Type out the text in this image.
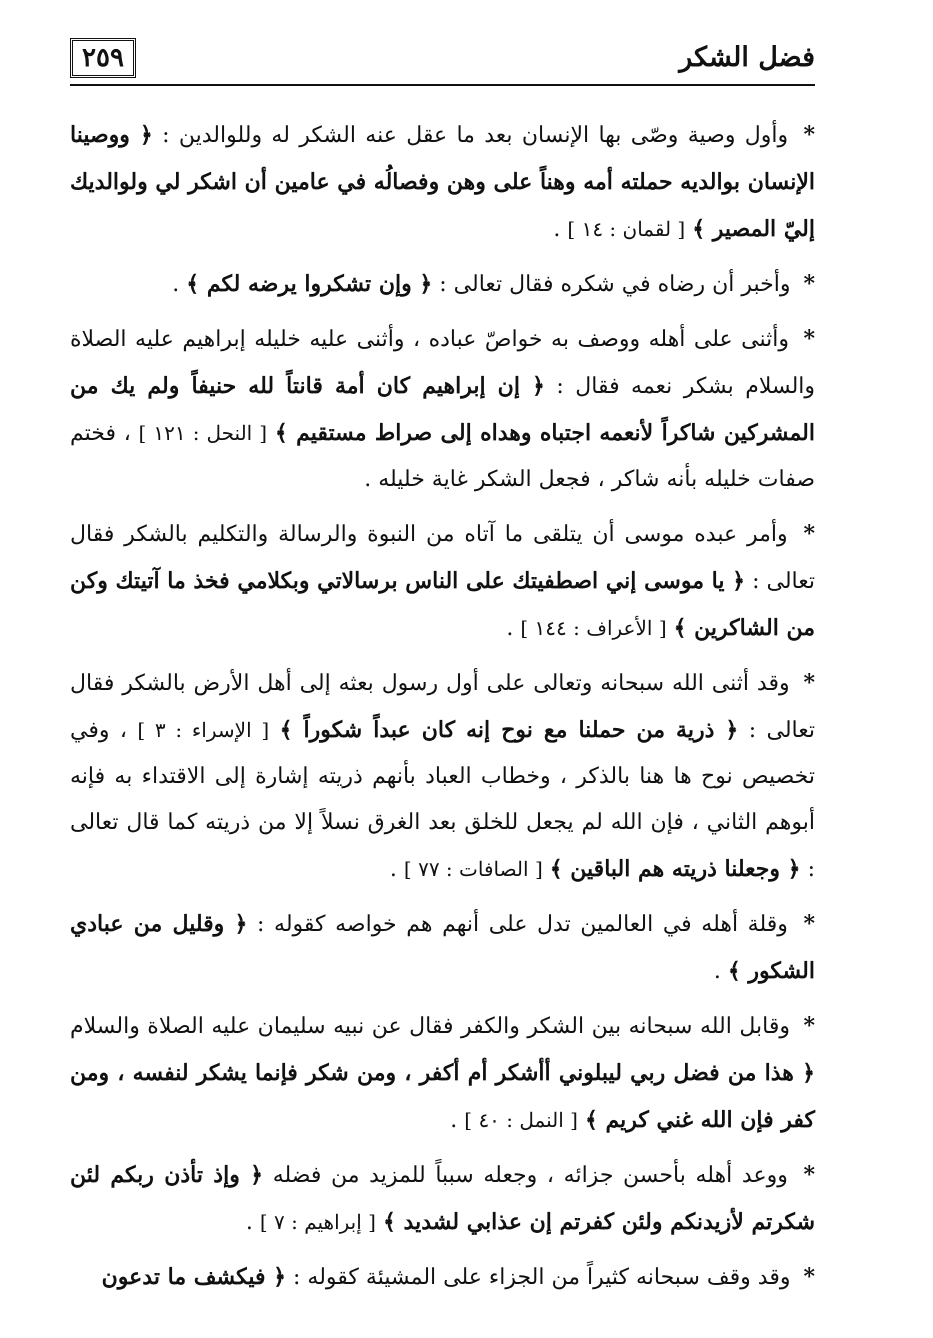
٢٥٩	فضل الشكر

* وأول وصية وصّى بها الإنسان بعد ما عقل عنه الشكر له وللوالدين : ﴿ ووصينا الإنسان بوالديه حملته أمه وهناً على وهن وفصالُه في عامين أن اشكر لي ولوالديك إليّ المصير ﴾ [ لقمان : ١٤ ] .

* وأخبر أن رضاه في شكره فقال تعالى : ﴿ وإن تشكروا يرضه لكم ﴾ .

* وأثنى على أهله ووصف به خواصّ عباده ، وأثنى عليه خليله إبراهيم عليه الصلاة والسلام بشكر نعمه فقال : ﴿ إن إبراهيم كان أمة قانتاً لله حنيفاً ولم يك من المشركين شاكراً لأنعمه اجتباه وهداه إلى صراط مستقيم ﴾ [ النحل : ١٢١ ] ، فختم صفات خليله بأنه شاكر ، فجعل الشكر غاية خليله .

* وأمر عبده موسى أن يتلقى ما آتاه من النبوة والرسالة والتكليم بالشكر فقال تعالى : ﴿ يا موسى إني اصطفيتك على الناس برسالاتي وبكلامي فخذ ما آتيتك وكن من الشاكرين ﴾ [ الأعراف : ١٤٤ ] .

* وقد أثنى الله سبحانه وتعالى على أول رسول بعثه إلى أهل الأرض بالشكر فقال تعالى : ﴿ ذرية من حملنا مع نوح إنه كان عبداً شكوراً ﴾ [ الإسراء : ٣ ] ، وفي تخصيص نوح ها هنا بالذكر ، وخطاب العباد بأنهم ذريته إشارة إلى الاقتداء به فإنه أبوهم الثاني ، فإن الله لم يجعل للخلق بعد الغرق نسلاً إلا من ذريته كما قال تعالى : ﴿ وجعلنا ذريته هم الباقين ﴾ [ الصافات : ٧٧ ] .

* وقلة أهله في العالمين تدل على أنهم هم خواصه كقوله : ﴿ وقليل من عبادي الشكور ﴾ .

* وقابل الله سبحانه بين الشكر والكفر فقال عن نبيه سليمان عليه الصلاة والسلام ﴿ هذا من فضل ربي ليبلوني أأشكر أم أكفر ، ومن شكر فإنما يشكر لنفسه ، ومن كفر فإن الله غني كريم ﴾ [ النمل : ٤٠ ] .

* ووعد أهله بأحسن جزائه ، وجعله سبباً للمزيد من فضله ﴿ وإذ تأذن ربكم لئن شكرتم لأزيدنكم ولئن كفرتم إن عذابي لشديد ﴾ [ إبراهيم : ٧ ] .

* وقد وقف سبحانه كثيراً من الجزاء على المشيئة كقوله : ﴿ فيكشف ما تدعون
